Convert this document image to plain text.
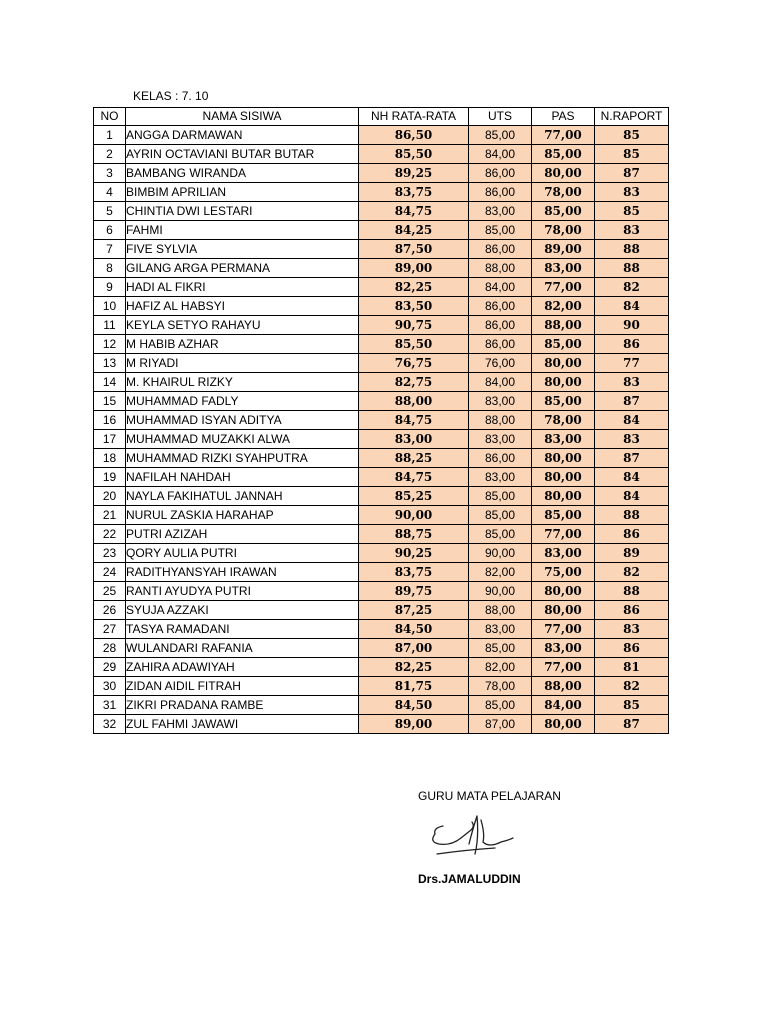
KELAS : 7. 10
NO	NAMA SISIWA	NH RATA-RATA	UTS	PAS	N.RAPORT
1	ANGGA DARMAWAN	86,50	85,00	77,00	85
2	AYRIN OCTAVIANI BUTAR BUTAR	85,50	84,00	85,00	85
3	BAMBANG WIRANDA	89,25	86,00	80,00	87
4	BIMBIM APRILIAN	83,75	86,00	78,00	83
5	CHINTIA DWI LESTARI	84,75	83,00	85,00	85
6	FAHMI	84,25	85,00	78,00	83
7	FIVE SYLVIA	87,50	86,00	89,00	88
8	GILANG ARGA PERMANA	89,00	88,00	83,00	88
9	HADI AL FIKRI	82,25	84,00	77,00	82
10	HAFIZ AL HABSYI	83,50	86,00	82,00	84
11	KEYLA SETYO RAHAYU	90,75	86,00	88,00	90
12	M HABIB AZHAR	85,50	86,00	85,00	86
13	M RIYADI	76,75	76,00	80,00	77
14	M. KHAIRUL RIZKY	82,75	84,00	80,00	83
15	MUHAMMAD FADLY	88,00	83,00	85,00	87
16	MUHAMMAD ISYAN ADITYA	84,75	88,00	78,00	84
17	MUHAMMAD MUZAKKI ALWA	83,00	83,00	83,00	83
18	MUHAMMAD RIZKI SYAHPUTRA	88,25	86,00	80,00	87
19	NAFILAH NAHDAH	84,75	83,00	80,00	84
20	NAYLA FAKIHATUL JANNAH	85,25	85,00	80,00	84
21	NURUL ZASKIA HARAHAP	90,00	85,00	85,00	88
22	PUTRI AZIZAH	88,75	85,00	77,00	86
23	QORY AULIA PUTRI	90,25	90,00	83,00	89
24	RADITHYANSYAH IRAWAN	83,75	82,00	75,00	82
25	RANTI AYUDYA PUTRI	89,75	90,00	80,00	88
26	SYUJA AZZAKI	87,25	88,00	80,00	86
27	TASYA RAMADANI	84,50	83,00	77,00	83
28	WULANDARI RAFANIA	87,00	85,00	83,00	86
29	ZAHIRA ADAWIYAH	82,25	82,00	77,00	81
30	ZIDAN AIDIL FITRAH	81,75	78,00	88,00	82
31	ZIKRI PRADANA RAMBE	84,50	85,00	84,00	85
32	ZUL FAHMI JAWAWI	89,00	87,00	80,00	87
GURU MATA PELAJARAN
Drs.JAMALUDDIN
